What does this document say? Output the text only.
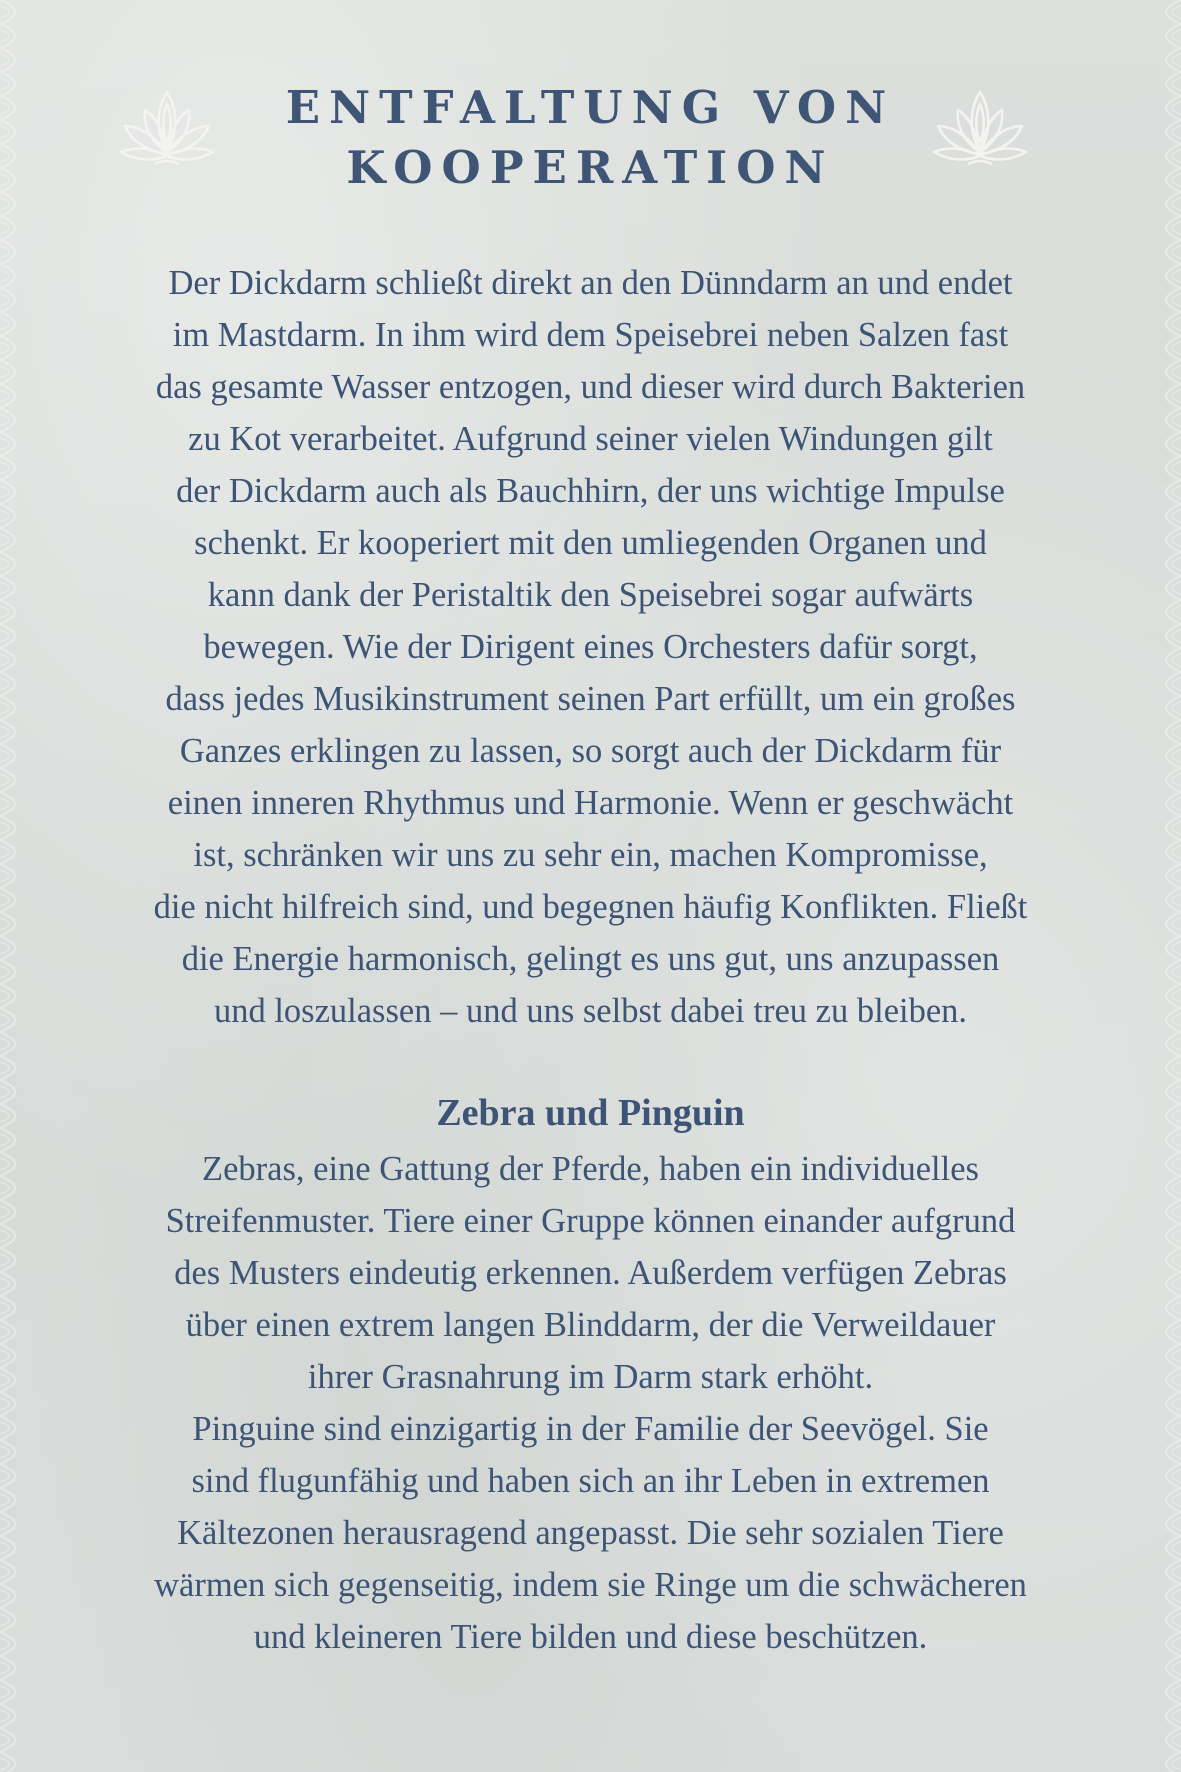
ENTFALTUNG VON
KOOPERATION
Der Dickdarm schließt direkt an den Dünndarm an und endet
im Mastdarm. In ihm wird dem Speisebrei neben Salzen fast
das gesamte Wasser entzogen, und dieser wird durch Bakterien
zu Kot verarbeitet. Aufgrund seiner vielen Windungen gilt
der Dickdarm auch als Bauchhirn, der uns wichtige Impulse
schenkt. Er kooperiert mit den umliegenden Organen und
kann dank der Peristaltik den Speisebrei sogar aufwärts
bewegen. Wie der Dirigent eines Orchesters dafür sorgt,
dass jedes Musikinstrument seinen Part erfüllt, um ein großes
Ganzes erklingen zu lassen, so sorgt auch der Dickdarm für
einen inneren Rhythmus und Harmonie. Wenn er geschwächt
ist, schränken wir uns zu sehr ein, machen Kompromisse,
die nicht hilfreich sind, und begegnen häufig Konflikten. Fließt
die Energie harmonisch, gelingt es uns gut, uns anzupassen
und loszulassen – und uns selbst dabei treu zu bleiben.
Zebra und Pinguin
Zebras, eine Gattung der Pferde, haben ein individuelles
Streifenmuster. Tiere einer Gruppe können einander aufgrund
des Musters eindeutig erkennen. Außerdem verfügen Zebras
über einen extrem langen Blinddarm, der die Verweildauer
ihrer Grasnahrung im Darm stark erhöht.
Pinguine sind einzigartig in der Familie der Seevögel. Sie
sind flugunfähig und haben sich an ihr Leben in extremen
Kältezonen herausragend angepasst. Die sehr sozialen Tiere
wärmen sich gegenseitig, indem sie Ringe um die schwächeren
und kleineren Tiere bilden und diese beschützen.
